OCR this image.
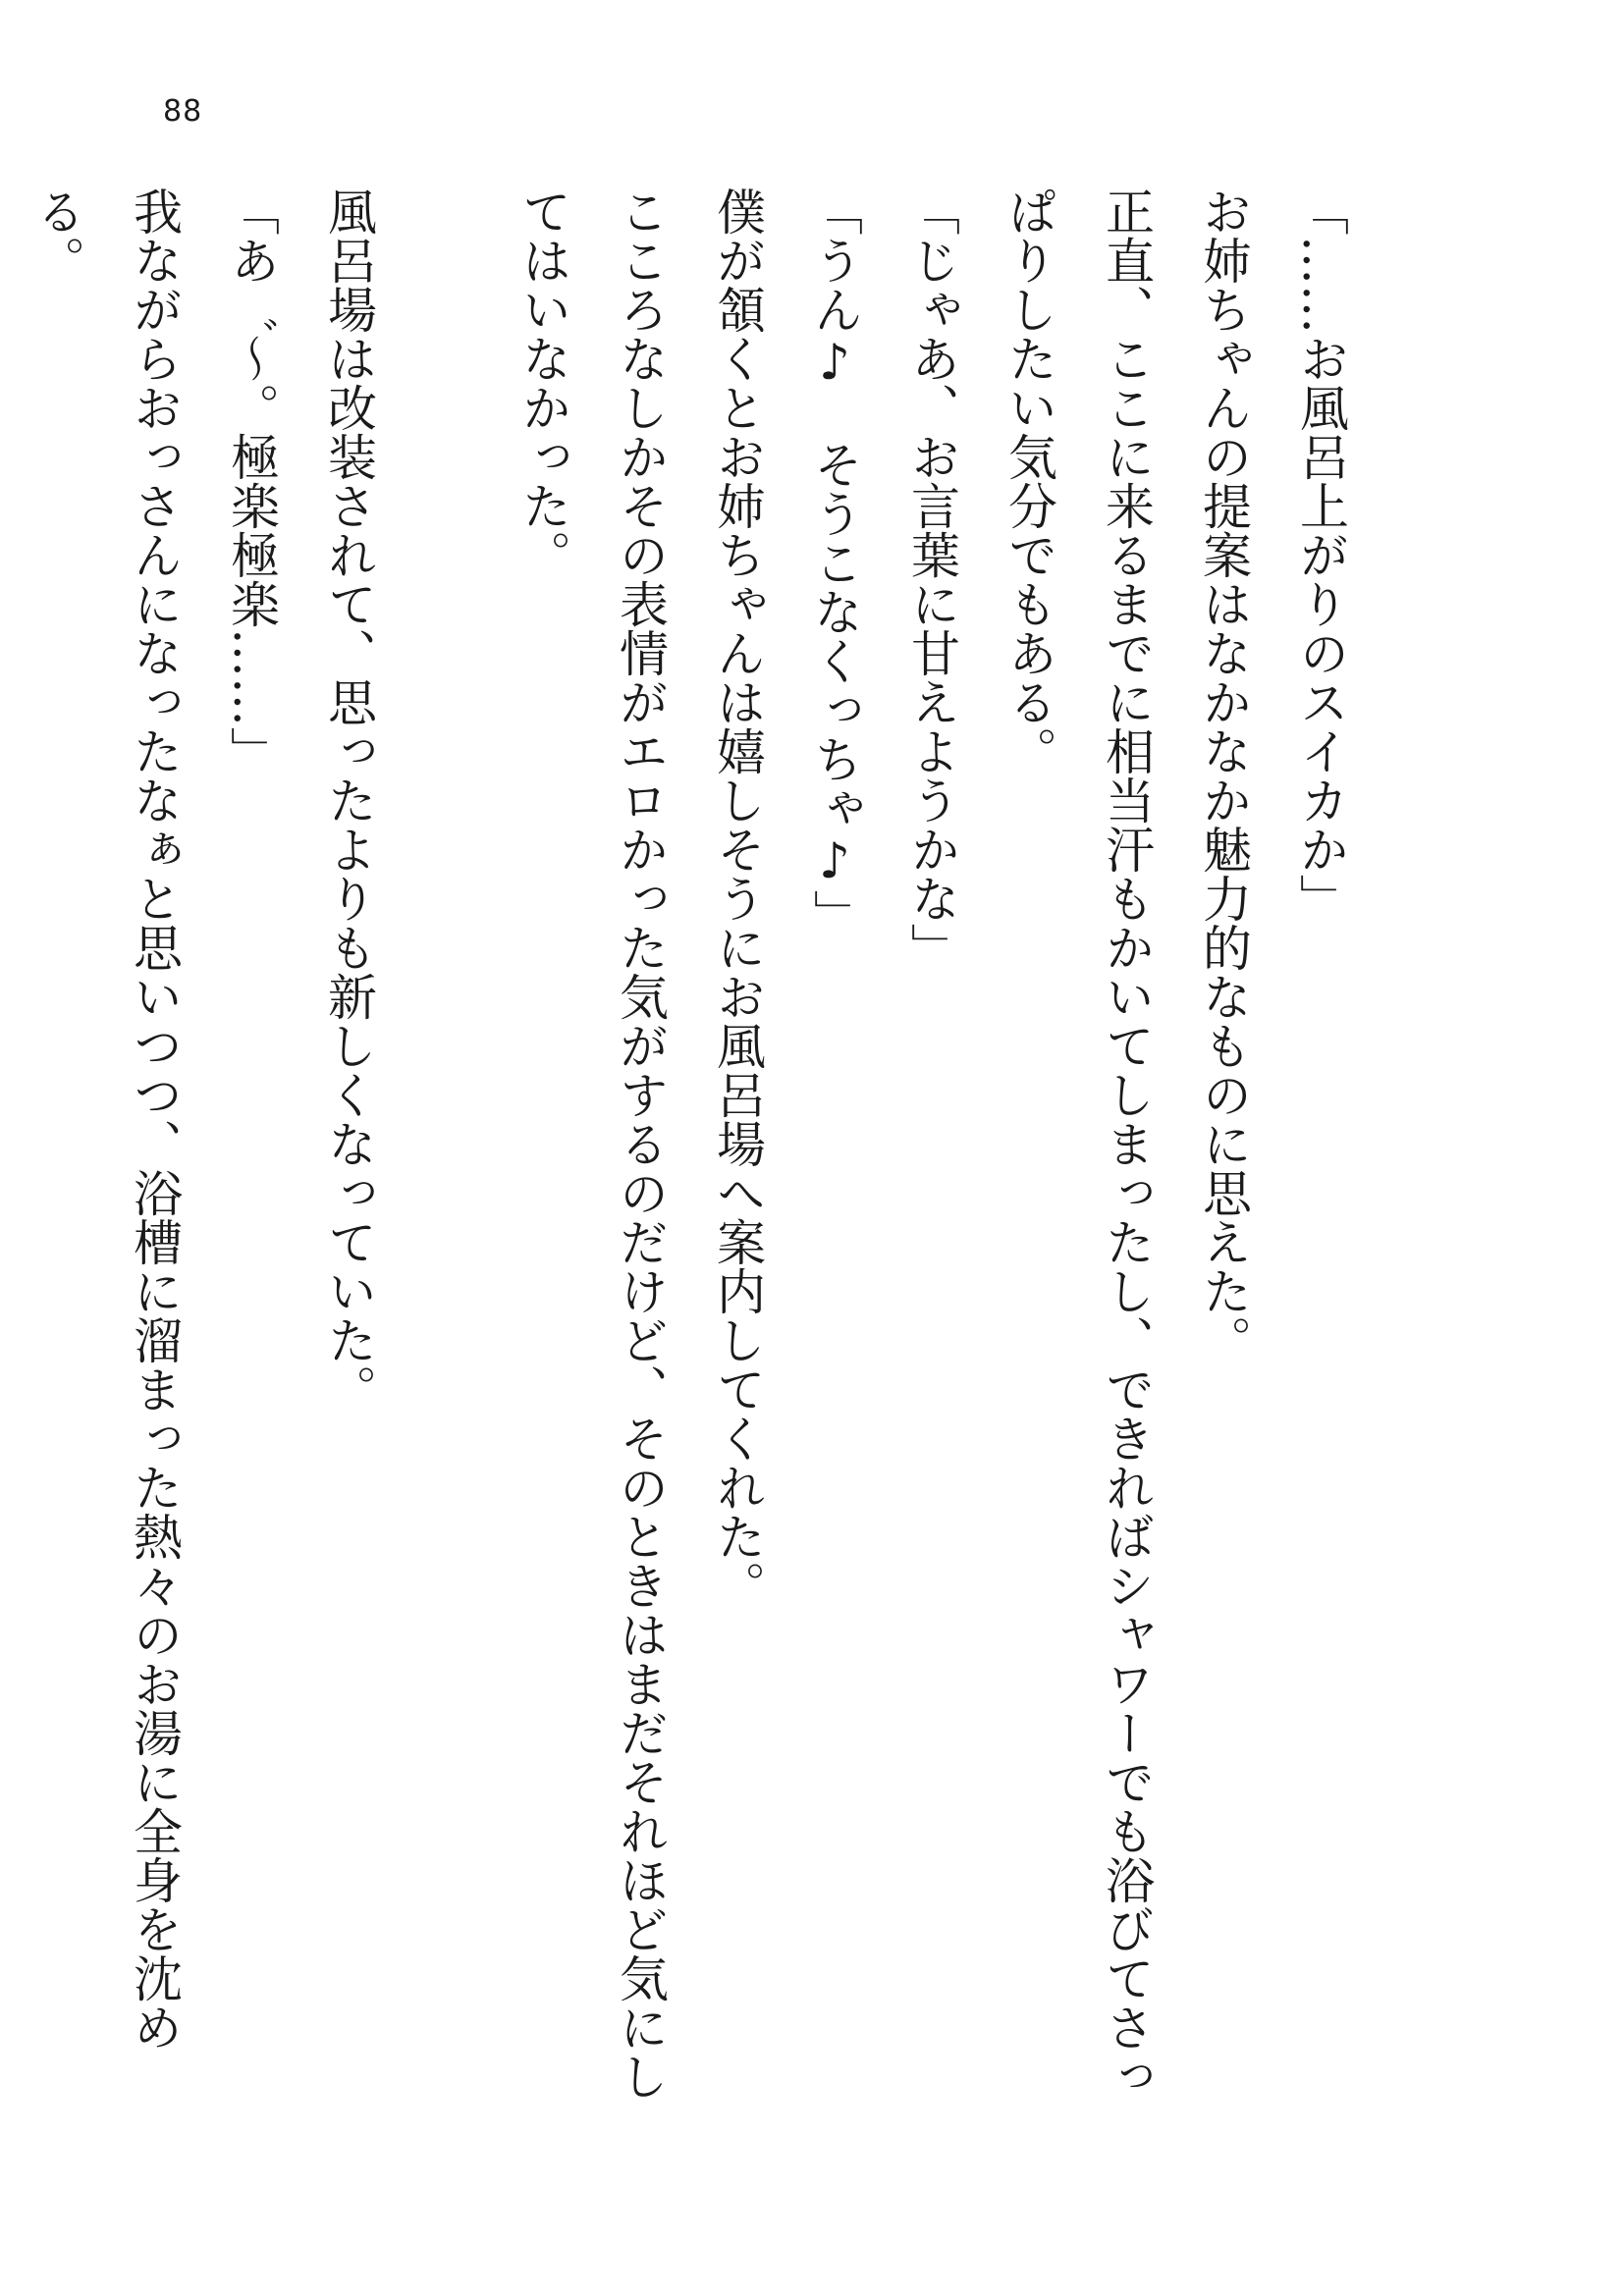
88
「……お風呂上がりのスイカか」
お姉ちゃんの提案はなかなか魅力的なものに思えた。
正直、ここに来るまでに相当汗もかいてしまったし、できればシャワーでも浴びてさっ
ぱりしたい気分でもある。
「じゃあ、お言葉に甘えようかな」
「うん♪　そうこなくっちゃ♪」
僕が頷くとお姉ちゃんは嬉しそうにお風呂場へ案内してくれた。
こころなしかその表情がエロかった気がするのだけど、そのときはまだそれほど気にし
てはいなかった。
風呂場は改装されて、思ったよりも新しくなっていた。
「あ゛～。極楽極楽……」
我ながらおっさんになったなぁと思いつつ、浴槽に溜まった熱々のお湯に全身を沈め
る。
